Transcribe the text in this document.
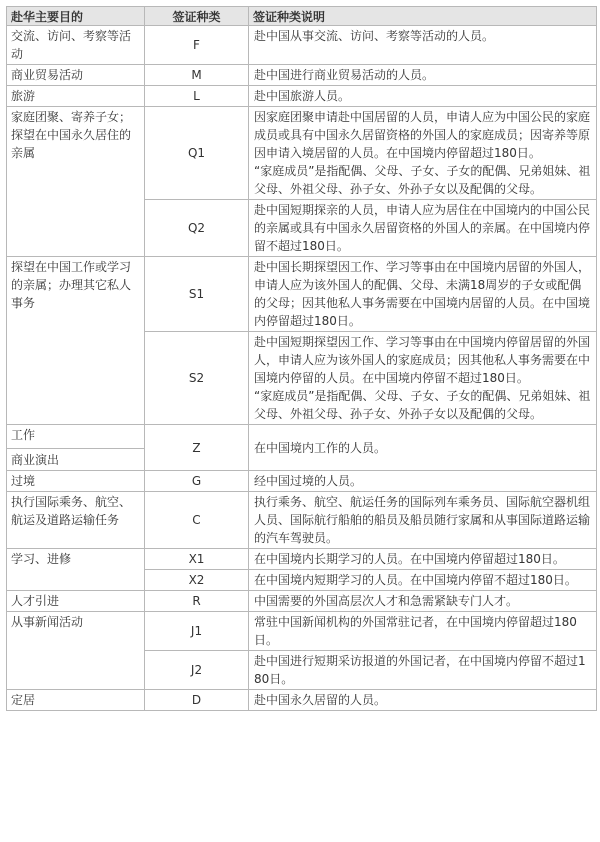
赴华主要目的	签证种类	签证种类说明
交流、访问、考察等活动	F	赴中国从事交流、访问、考察等活动的人员。
商业贸易活动	M	赴中国进行商业贸易活动的人员。
旅游	L	赴中国旅游人员。
家庭团聚、寄养子女；探望在中国永久居住的亲属	Q1	因家庭团聚申请赴中国居留的人员，申请人应为中国公民的家庭成员或具有中国永久居留资格的外国人的家庭成员；因寄养等原因申请入境居留的人员。在中国境内停留超过180日。
“家庭成员”是指配偶、父母、子女、子女的配偶、兄弟姐妹、祖父母、外祖父母、孙子女、外孙子女以及配偶的父母。

	Q2	赴中国短期探亲的人员，申请人应为居住在中国境内的中国公民的亲属或具有中国永久居留资格的外国人的亲属。在中国境内停留不超过180日。
探望在中国工作或学习的亲属；办理其它私人事务	S1	赴中国长期探望因工作、学习等事由在中国境内居留的外国人，申请人应为该外国人的配偶、父母、未满18周岁的子女或配偶的父母；因其他私人事务需要在中国境内居留的人员。在中国境内停留超过180日。
	S2	赴中国短期探望因工作、学习等事由在中国境内停留居留的外国人，申请人应为该外国人的家庭成员；因其他私人事务需要在中国境内停留的人员。在中国境内停留不超过180日。
“家庭成员”是指配偶、父母、子女、子女的配偶、兄弟姐妹、祖父母、外祖父母、孙子女、外孙子女以及配偶的父母。

工作
商业演出	Z	在中国境内工作的人员。
过境	G	经中国过境的人员。
执行国际乘务、航空、航运及道路运输任务	C	执行乘务、航空、航运任务的国际列车乘务员、国际航空器机组人员、国际航行船舶的船员及船员随行家属和从事国际道路运输的汽车驾驶员。
学习、进修	X1	在中国境内长期学习的人员。在中国境内停留超过180日。
	X2	在中国境内短期学习的人员。在中国境内停留不超过180日。
人才引进	R	中国需要的外国高层次人才和急需紧缺专门人才。
从事新闻活动	J1	常驻中国新闻机构的外国常驻记者，在中国境内停留超过180日。
	J2	赴中国进行短期采访报道的外国记者，在中国境内停留不超过180日。
定居	D	赴中国永久居留的人员。
